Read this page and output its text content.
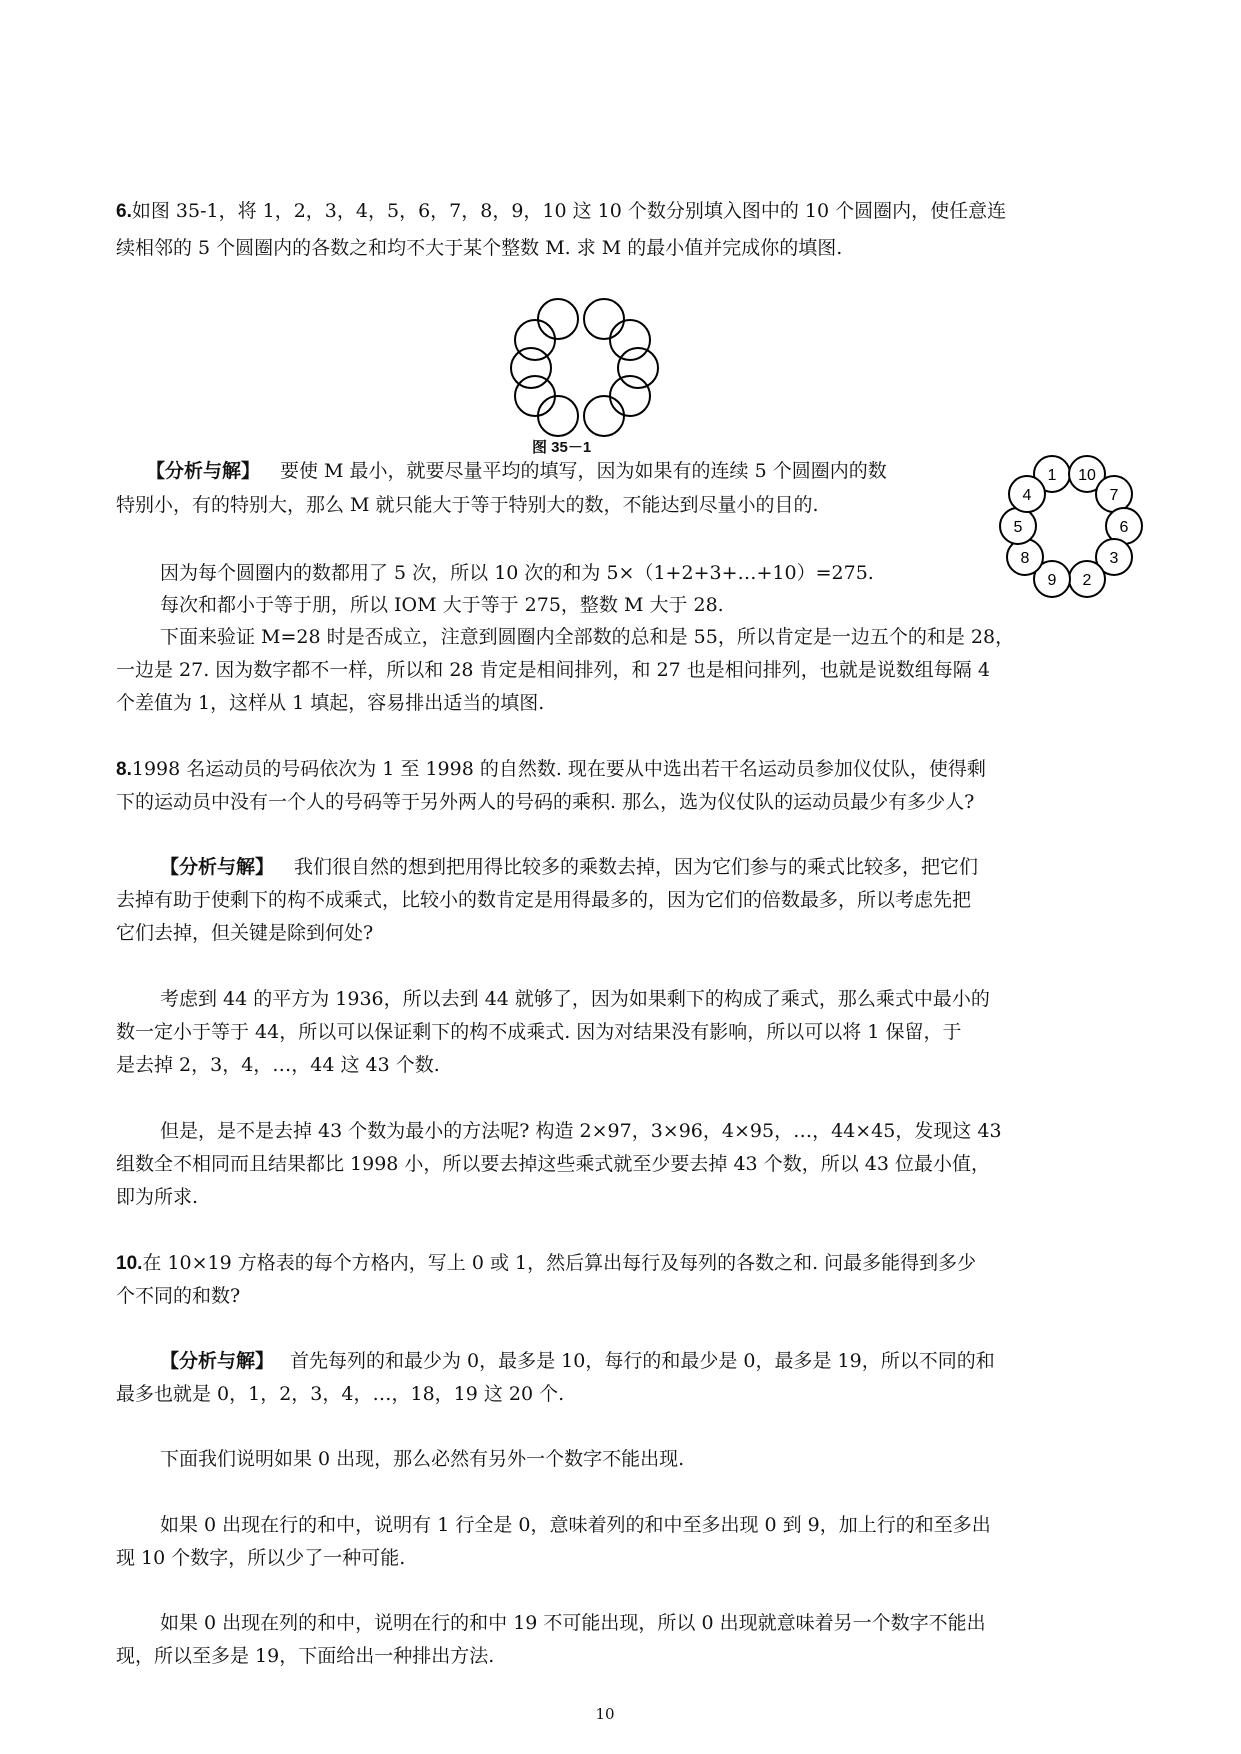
6.如图 35-1，将 1，2，3，4，5，6，7，8，9，10 这 10 个数分别填入图中的 10 个圆圈内，使任意连
续相邻的 5 个圆圈内的各数之和均不大于某个整数 M. 求 M 的最小值并完成你的填图.
图 35－1
【分析与解】 要使 M 最小，就要尽量平均的填写，因为如果有的连续 5 个圆圈内的数
特别小，有的特别大，那么 M 就只能大于等于特别大的数，不能达到尽量小的目的.
1 10
7
6
3
2
9
8
5
4
因为每个圆圈内的数都用了 5 次，所以 10 次的和为 5×（1+2+3+…+10）=275.
每次和都小于等于朋，所以 IOM 大于等于 275，整数 M 大于 28.
下面来验证 M=28 时是否成立，注意到圆圈内全部数的总和是 55，所以肯定是一边五个的和是 28，
一边是 27. 因为数字都不一样，所以和 28 肯定是相间排列，和 27 也是相问排列，也就是说数组每隔 4
个差值为 1，这样从 1 填起，容易排出适当的填图.
8.1998 名运动员的号码依次为 1 至 1998 的自然数. 现在要从中选出若干名运动员参加仪仗队，使得剩
下的运动员中没有一个人的号码等于另外两人的号码的乘积. 那么，选为仪仗队的运动员最少有多少人?
【分析与解】 我们很自然的想到把用得比较多的乘数去掉，因为它们参与的乘式比较多，把它们
去掉有助于使剩下的构不成乘式，比较小的数肯定是用得最多的，因为它们的倍数最多，所以考虑先把
它们去掉，但关键是除到何处?
考虑到 44 的平方为 1936，所以去到 44 就够了，因为如果剩下的构成了乘式，那么乘式中最小的
数一定小于等于 44，所以可以保证剩下的构不成乘式. 因为对结果没有影响，所以可以将 1 保留，于
是去掉 2，3，4，…，44 这 43 个数.
但是，是不是去掉 43 个数为最小的方法呢? 构造 2×97，3×96，4×95，…，44×45，发现这 43
组数全不相同而且结果都比 1998 小，所以要去掉这些乘式就至少要去掉 43 个数，所以 43 位最小值，
即为所求.
10.在 10×19 方格表的每个方格内，写上 0 或 1，然后算出每行及每列的各数之和. 问最多能得到多少
个不同的和数?
【分析与解】 首先每列的和最少为 0，最多是 10，每行的和最少是 0，最多是 19，所以不同的和
最多也就是 0，1，2，3，4，…，18，19 这 20 个.
下面我们说明如果 0 出现，那么必然有另外一个数字不能出现.
如果 0 出现在行的和中，说明有 1 行全是 0，意味着列的和中至多出现 0 到 9，加上行的和至多出
现 10 个数字，所以少了一种可能.
如果 0 出现在列的和中，说明在行的和中 19 不可能出现，所以 0 出现就意味着另一个数字不能出
现，所以至多是 19，下面给出一种排出方法.
10
